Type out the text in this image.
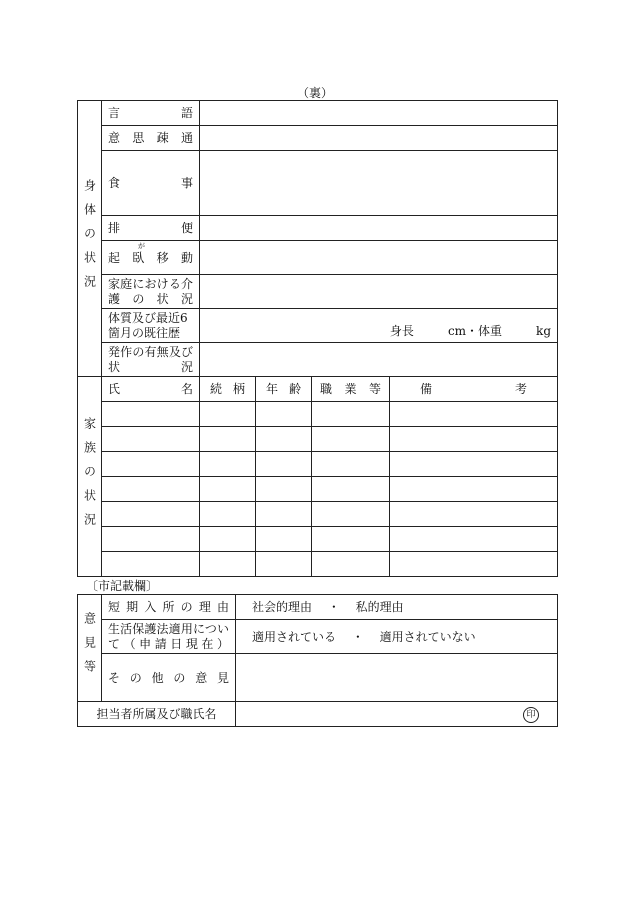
（裏）
身体の状況	言語				
	意思疎通				
	食事				
	排便				

	起臥移動
が				

	家庭における介護の状況				
	体質及び最近6箇月の既往歴	身長 cm・体重 kg			

	発作の有無及び状況				
家族の状況	氏名	続柄	年齢	職業等	備 考

〔市記載欄〕
意見等	短期入所の理由	社会的理由 ・ 私的理由
	生活保護法適用について（申請日現在）	適用されている ・ 適用されていない
	その他の意見	
担当者所属及び職氏名		印
